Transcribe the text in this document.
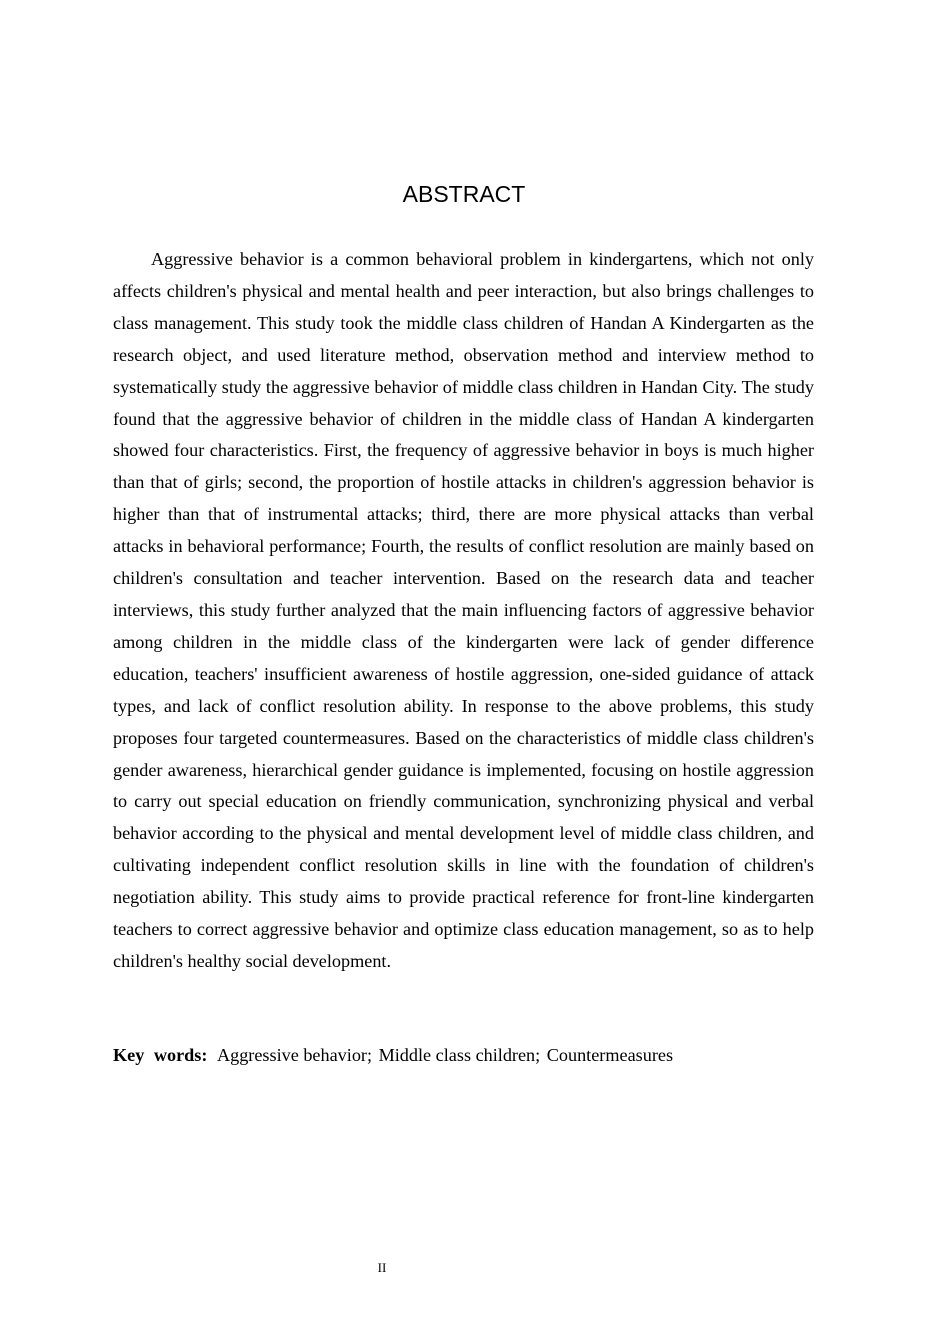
ABSTRACT

Aggressive behavior is a common behavioral problem in kindergartens, which not only affects children's physical and mental health and peer interaction, but also brings challenges to class management. This study took the middle class children of Handan A Kindergarten as the research object, and used literature method, observation method and interview method to systematically study the aggressive behavior of middle class children in Handan City. The study found that the aggressive behavior of children in the middle class of Handan A kindergarten showed four characteristics. First, the frequency of aggressive behavior in boys is much higher than that of girls; second, the proportion of hostile attacks in children's aggression behavior is higher than that of instrumental attacks; third, there are more physical attacks than verbal attacks in behavioral performance; Fourth, the results of conflict resolution are mainly based on children's consultation and teacher intervention. Based on the research data and teacher interviews, this study further analyzed that the main influencing factors of aggressive behavior among children in the middle class of the kindergarten were lack of gender difference education, teachers' insufficient awareness of hostile aggression, one-sided guidance of attack types, and lack of conflict resolution ability. In response to the above problems, this study proposes four targeted countermeasures. Based on the characteristics of middle class children's gender awareness, hierarchical gender guidance is implemented, focusing on hostile aggression to carry out special education on friendly communication, synchronizing physical and verbal behavior according to the physical and mental development level of middle class children, and cultivating independent conflict resolution skills in line with the foundation of children's negotiation ability. This study aims to provide practical reference for front-line kindergarten teachers to correct aggressive behavior and optimize class education management, so as to help children's healthy social development.

Key words: Aggressive behavior; Middle class children; Countermeasures

II
